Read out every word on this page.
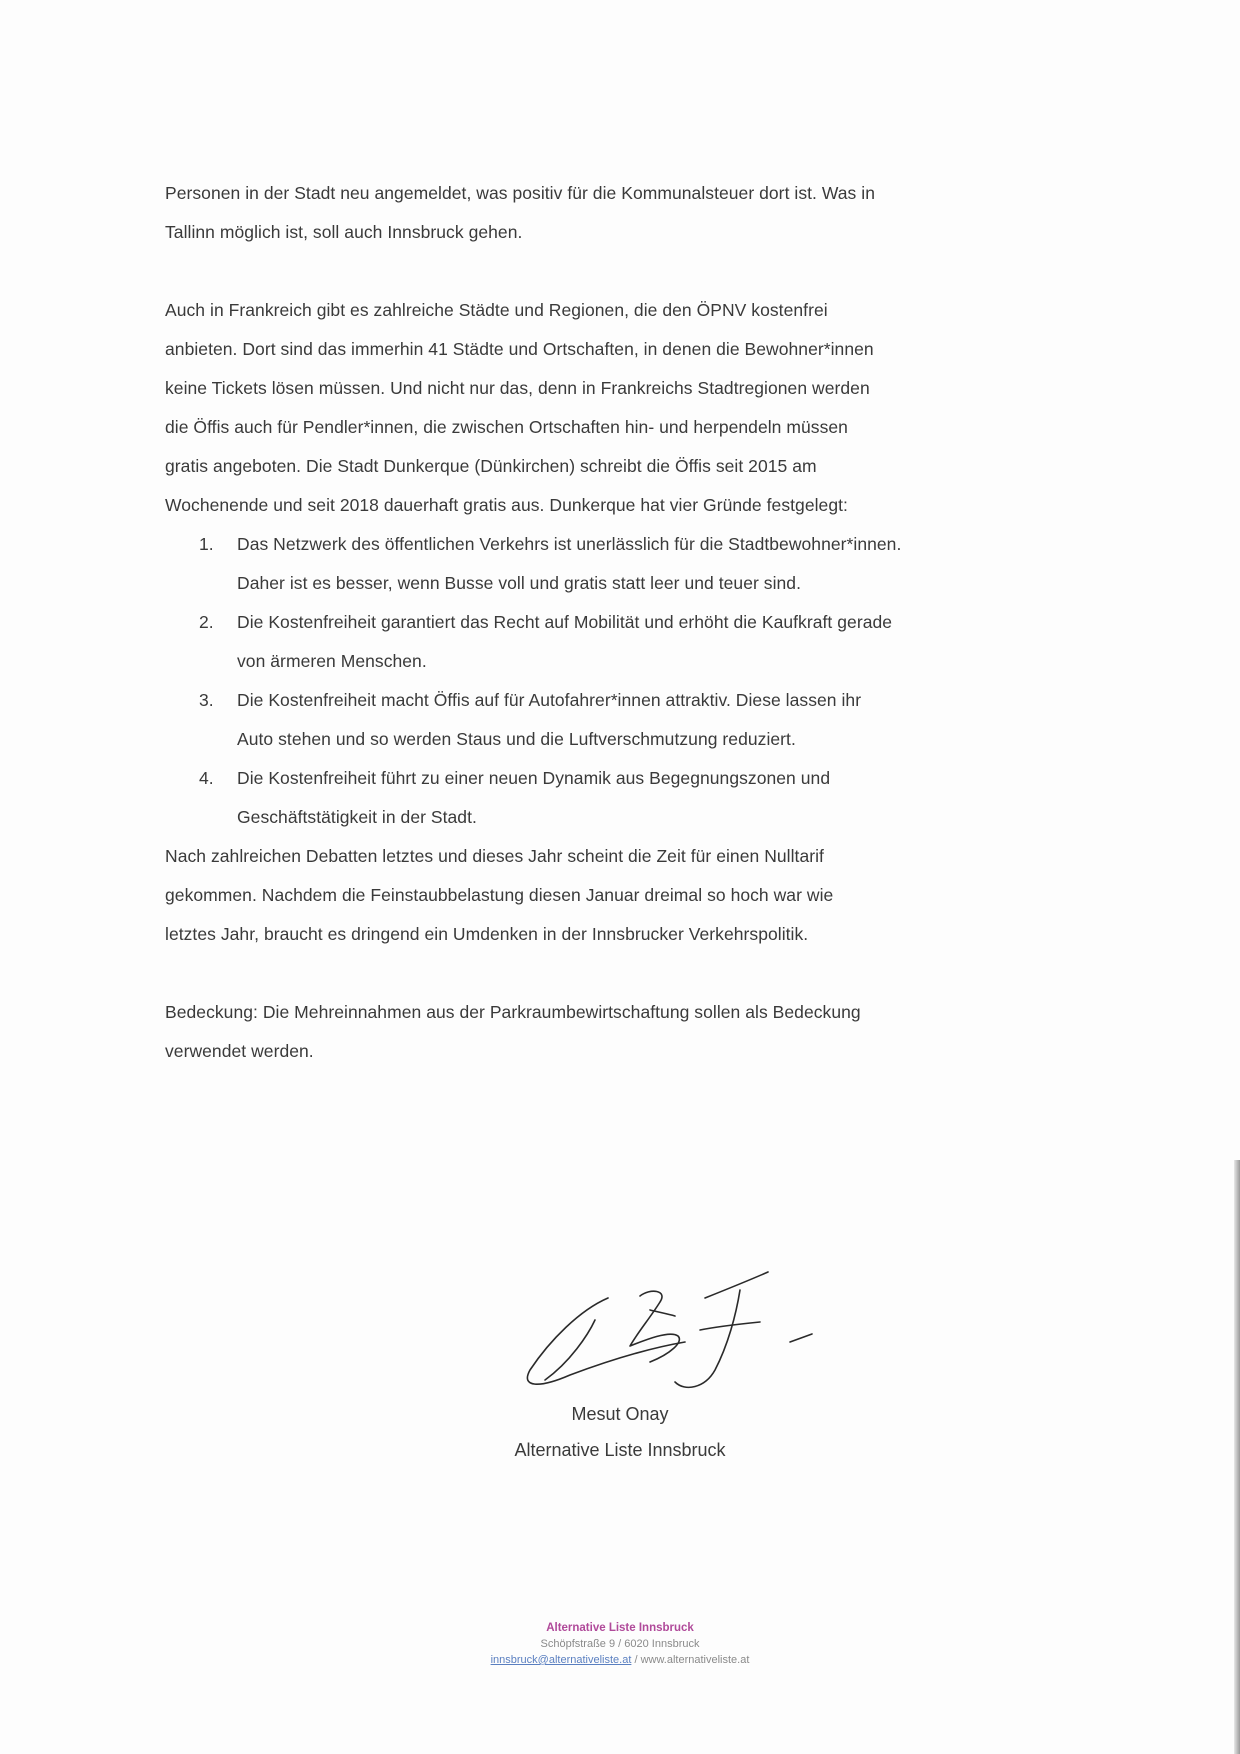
Personen in der Stadt neu angemeldet, was positiv für die Kommunalsteuer dort ist. Was in
Tallinn möglich ist, soll auch Innsbruck gehen.

Auch in Frankreich gibt es zahlreiche Städte und Regionen, die den ÖPNV kostenfrei
anbieten. Dort sind das immerhin 41 Städte und Ortschaften, in denen die Bewohner*innen
keine Tickets lösen müssen. Und nicht nur das, denn in Frankreichs Stadtregionen werden
die Öffis auch für Pendler*innen, die zwischen Ortschaften hin- und herpendeln müssen
gratis angeboten. Die Stadt Dunkerque (Dünkirchen) schreibt die Öffis seit 2015 am
Wochenende und seit 2018 dauerhaft gratis aus. Dunkerque hat vier Gründe festgelegt:

1. Das Netzwerk des öffentlichen Verkehrs ist unerlässlich für die Stadtbewohner*innen.
Daher ist es besser, wenn Busse voll und gratis statt leer und teuer sind.
2. Die Kostenfreiheit garantiert das Recht auf Mobilität und erhöht die Kaufkraft gerade
von ärmeren Menschen.
3. Die Kostenfreiheit macht Öffis auf für Autofahrer*innen attraktiv. Diese lassen ihr
Auto stehen und so werden Staus und die Luftverschmutzung reduziert.
4. Die Kostenfreiheit führt zu einer neuen Dynamik aus Begegnungszonen und
Geschäftstätigkeit in der Stadt.

Nach zahlreichen Debatten letztes und dieses Jahr scheint die Zeit für einen Nulltarif
gekommen. Nachdem die Feinstaubbelastung diesen Januar dreimal so hoch war wie
letztes Jahr, braucht es dringend ein Umdenken in der Innsbrucker Verkehrspolitik.

Bedeckung: Die Mehreinnahmen aus der Parkraumbewirtschaftung sollen als Bedeckung
verwendet werden.

Mesut Onay
Alternative Liste Innsbruck
Alternative Liste Innsbruck
Schöpfstraße 9 / 6020 Innsbruck
innsbruck@alternativeliste.at / www.alternativeliste.at
